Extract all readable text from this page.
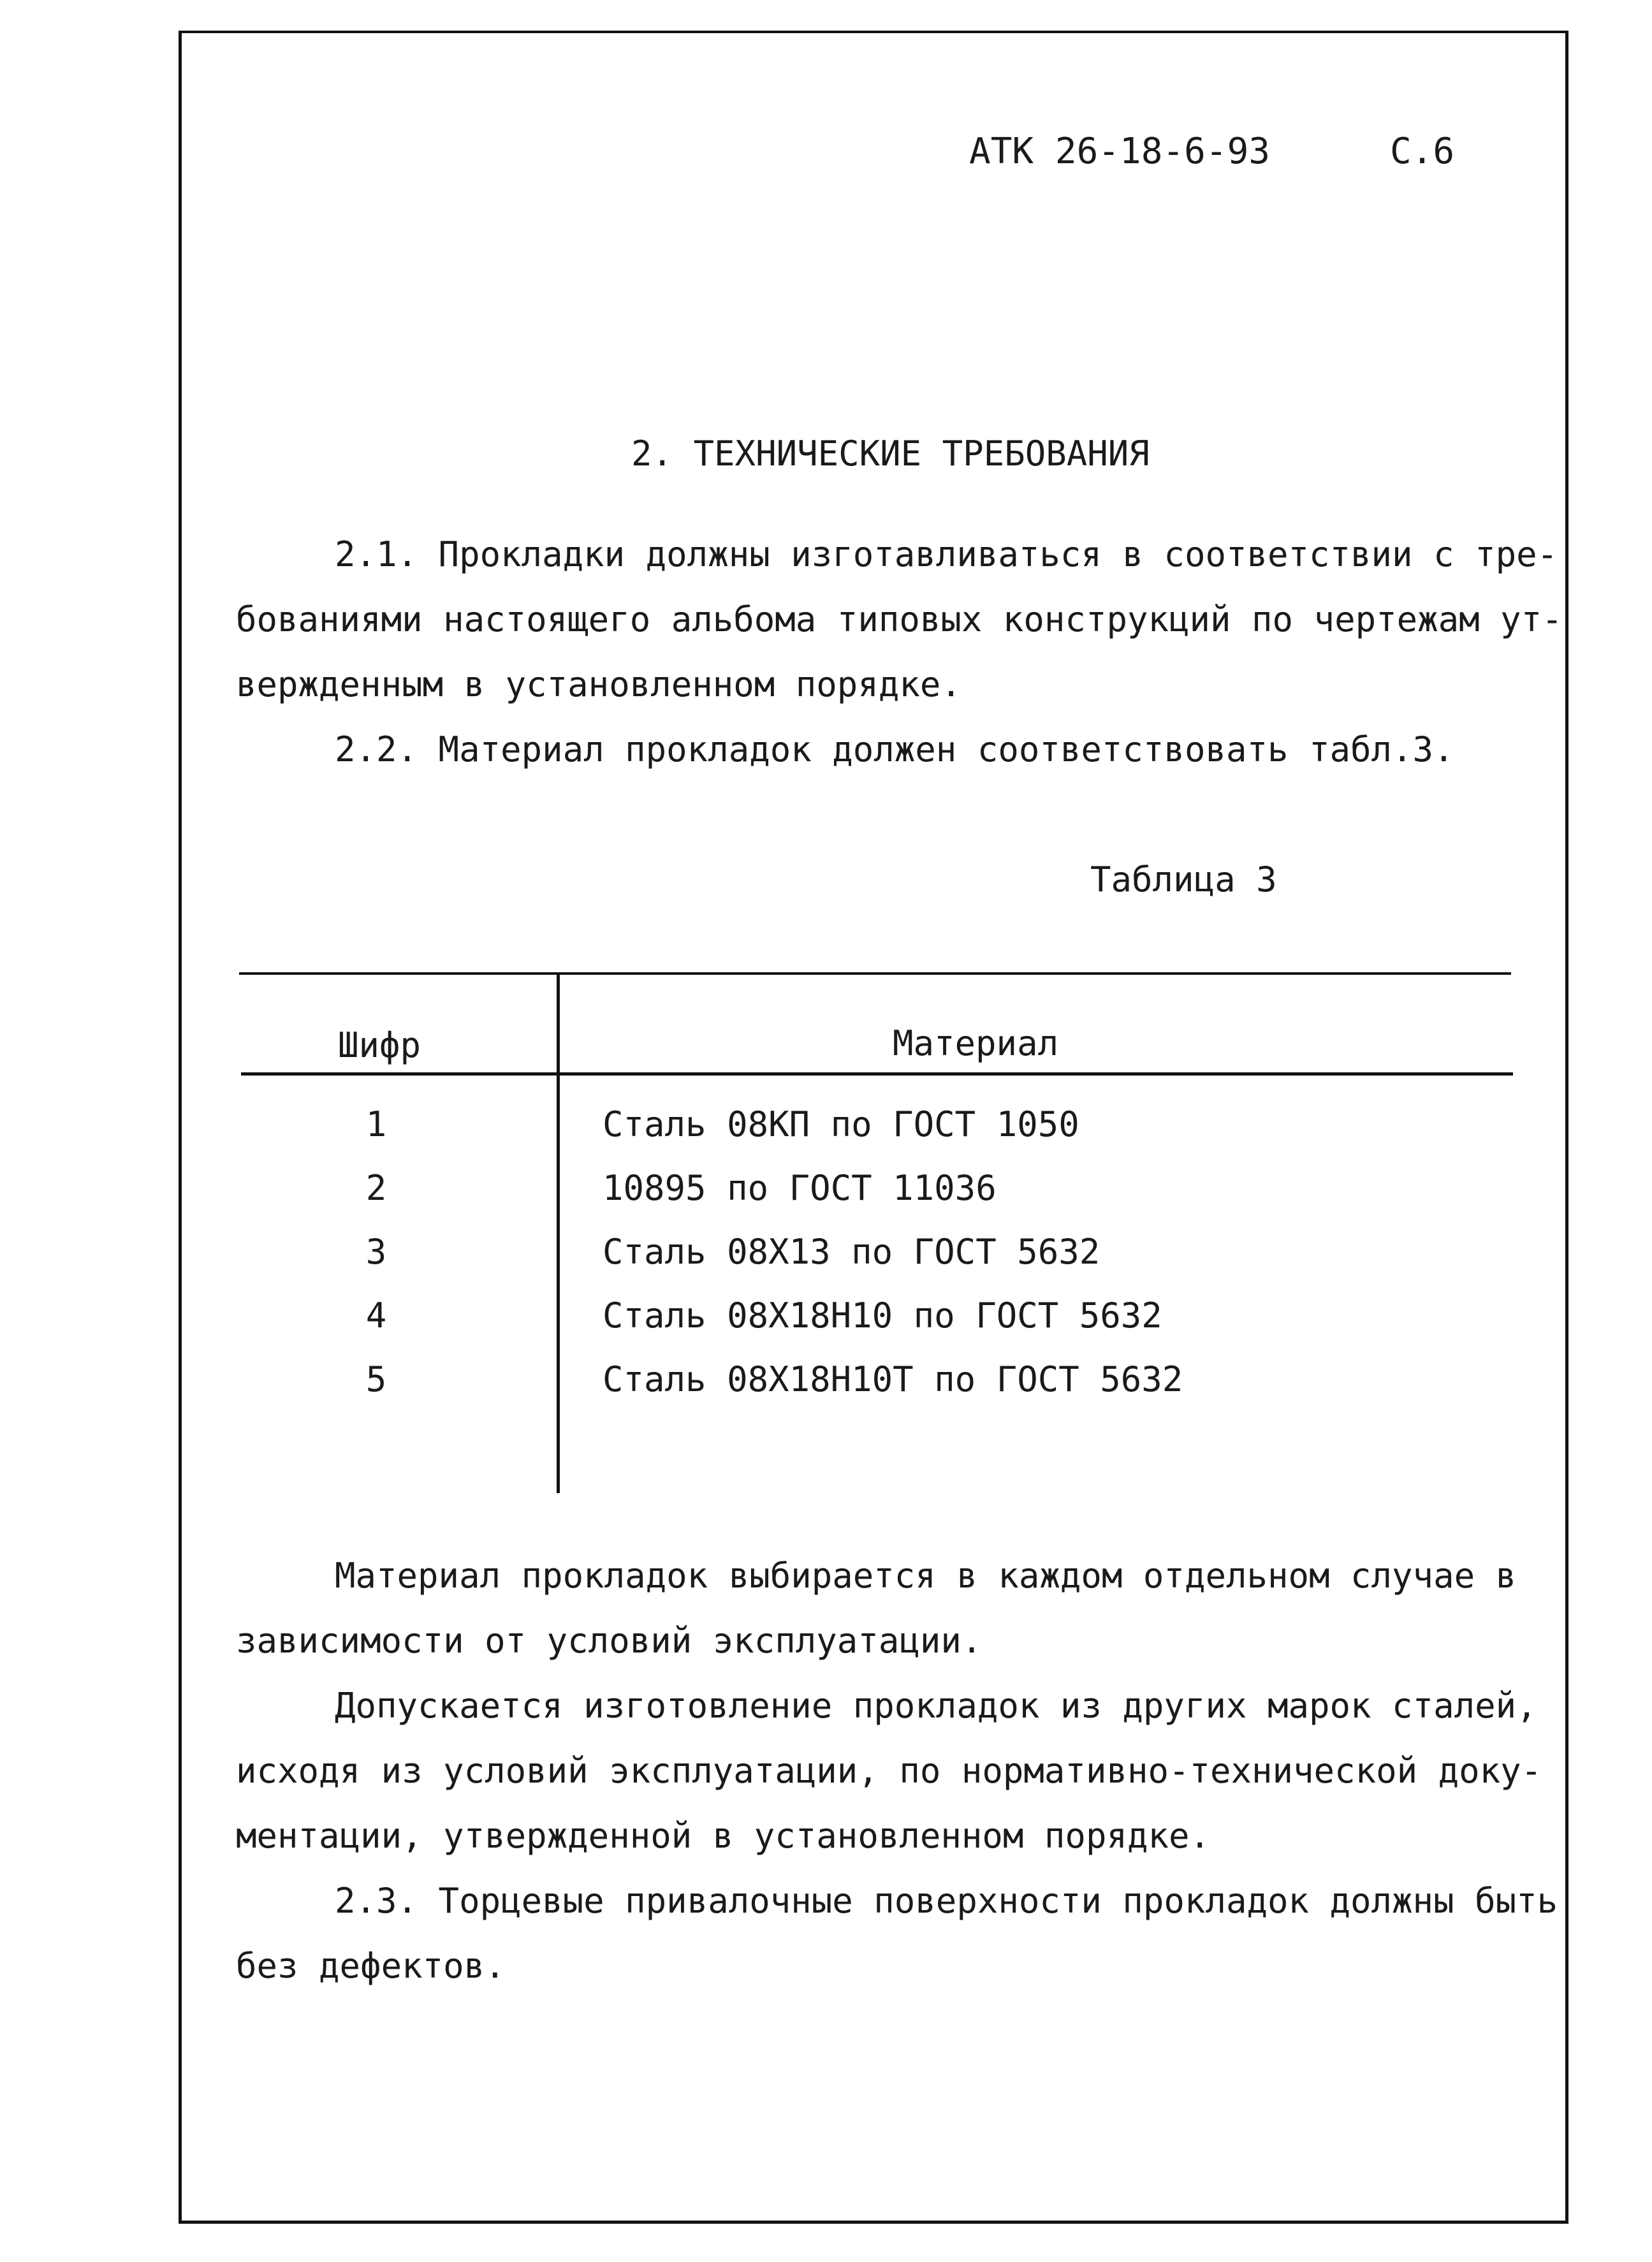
АТК 26-18-6-93	С.6
2. ТЕХНИЧЕСКИЕ ТРЕБОВАНИЯ
2.1. Прокладки должны изготавливаться в соответствии с тре-
бованиями настоящего альбома типовых конструкций по чертежам ут-
вержденным в установленном порядке.
2.2. Материал прокладок должен соответствовать табл.3.
Таблица 3
Шифр	Материал
1	Сталь 08КП по ГОСТ 1050
2	10895 по ГОСТ 11036
3	Сталь 08Х13 по ГОСТ 5632
4	Сталь 08Х18Н10 по ГОСТ 5632
5	Сталь 08Х18Н10Т по ГОСТ 5632
Материал прокладок выбирается в каждом отдельном случае в
зависимости от условий эксплуатации.
Допускается изготовление прокладок из других марок сталей,
исходя из условий эксплуатации, по нормативно-технической доку-
ментации, утвержденной в установленном порядке.
2.3. Торцевые привалочные поверхности прокладок должны быть
без дефектов.
